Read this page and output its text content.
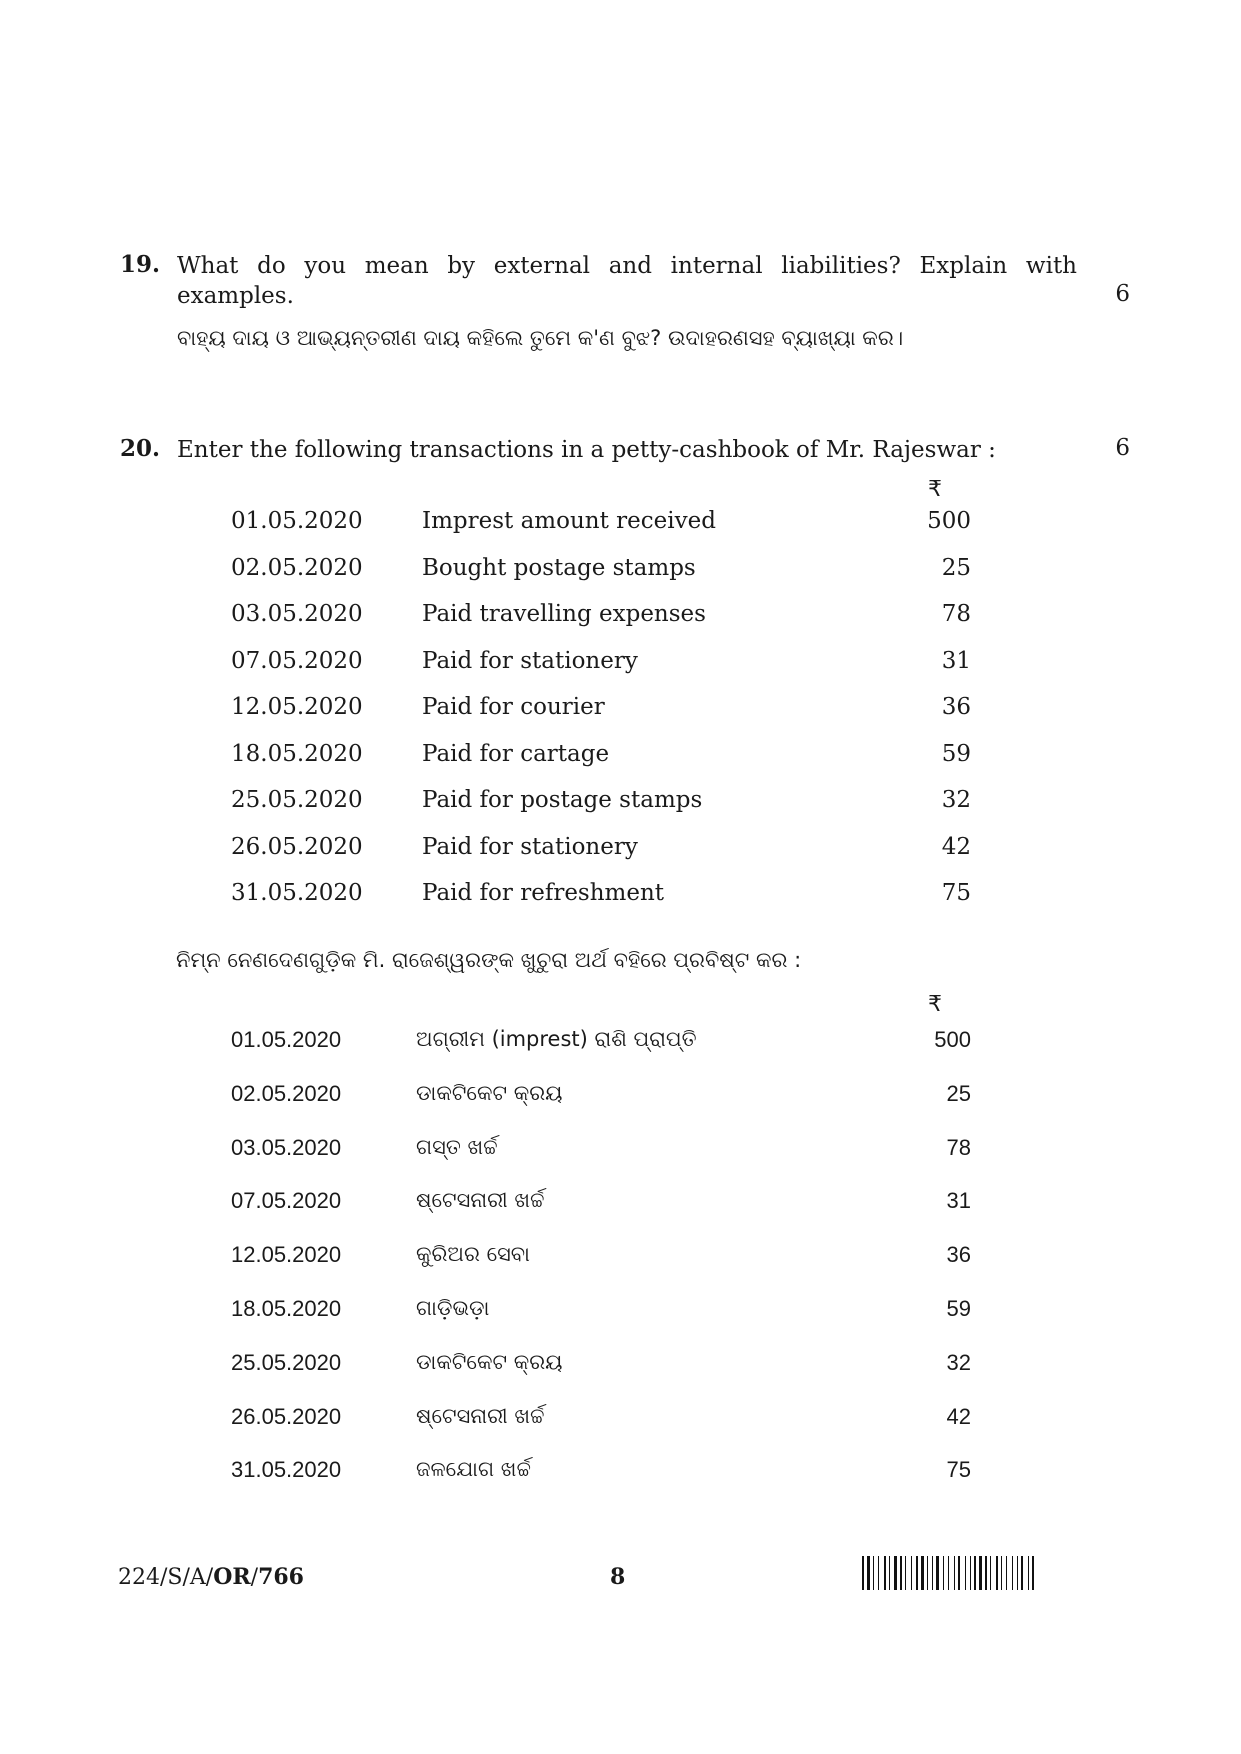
19. What do you mean by external and internal liabilities? Explain with examples.	6
ବାହ୍ୟ ଦାୟ ଓ ଆଭ୍ୟନ୍ତରୀଣ ଦାୟ କହିଲେ ତୁମେ କ'ଣ ବୁଝ? ଉଦାହରଣସହ ବ୍ୟାଖ୍ୟା କର।
20. Enter the following transactions in a petty-cashbook of Mr. Rajeswar :	6
₹
01.05.2020	Imprest amount received	500
02.05.2020	Bought postage stamps	25
03.05.2020	Paid travelling expenses	78
07.05.2020	Paid for stationery	31
12.05.2020	Paid for courier	36
18.05.2020	Paid for cartage	59
25.05.2020	Paid for postage stamps	32
26.05.2020	Paid for stationery	42
31.05.2020	Paid for refreshment	75
ନିମ୍ନ ନେଣଦେଣଗୁଡ଼ିକ ମି. ରାଜେଶ୍ୱରଙ୍କ ଖୁଚୁରା ଅର୍ଥ ବହିରେ ପ୍ରବିଷ୍ଟ କର :
₹
01.05.2020	ଅଗ୍ରୀମ (imprest) ରାଶି ପ୍ରାପ୍ତି	500
02.05.2020	ଡାକଟିକେଟ କ୍ରୟ	25
03.05.2020	ଗସ୍ତ ଖର୍ଚ୍ଚ	78
07.05.2020	ଷ୍ଟେସନାରୀ ଖର୍ଚ୍ଚ	31
12.05.2020	କୁରିଅର ସେବା	36
18.05.2020	ଗାଡ଼ିଭଡ଼ା	59
25.05.2020	ଡାକଟିକେଟ କ୍ରୟ	32
26.05.2020	ଷ୍ଟେସନାରୀ ଖର୍ଚ୍ଚ	42
31.05.2020	ଜଳଯୋଗ ଖର୍ଚ୍ଚ	75
224/S/A/OR/766	8
